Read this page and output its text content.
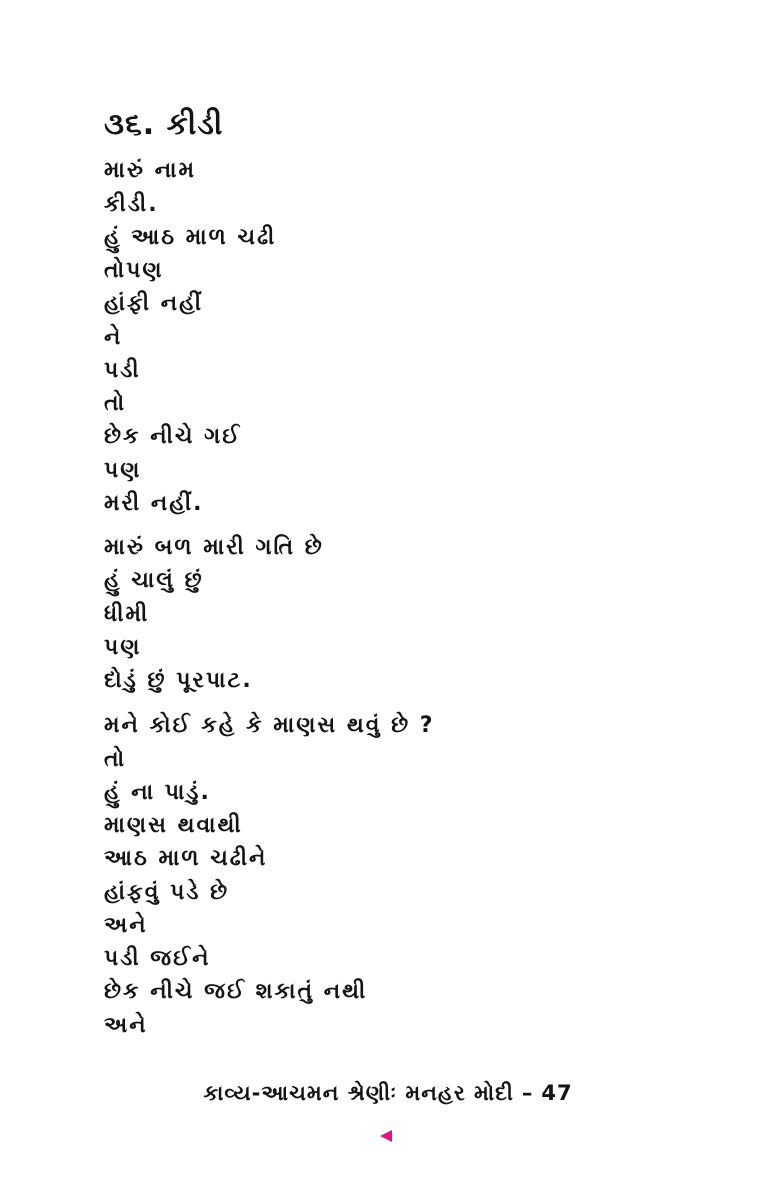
૩૬. કીડી
મારું નામ
કીડી.
હું આઠ માળ ચઢી
તોપણ
હાંફી નહીં
ને
પડી
તો
છેક નીચે ગઈ
પણ
મરી નહીં.
મારું બળ મારી ગતિ છે
હું ચાલું છું
ધીમી
પણ
દોડું છું પૂરપાટ.
મને કોઈ કહે કે માણસ થવું છે ?
તો
હું ના પાડું.
માણસ થવાથી
આઠ માળ ચઢીને
હાંફવું પડે છે
અને
પડી જઈને
છેક નીચે જઈ શકાતું નથી
અને
કાવ્ય-આચમન શ્રેણીઃ મનહર મોદી – 47
